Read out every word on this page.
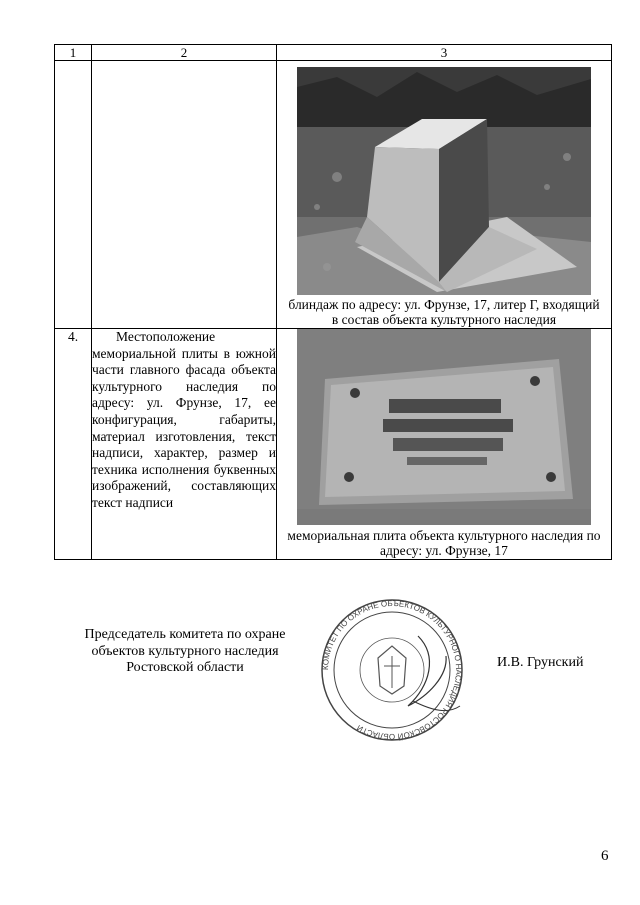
1	2	3

		блиндаж по адресу: ул. Фрунзе, 17, литер Г, входящий в состав объекта культурного наследия

4.	Местоположение мемориальной плиты в южной части главного фасада объекта культурного наследия по адресу: ул. Фрунзе, 17, ее конфигурация, габариты, материал изготовления, текст надписи, характер, размер и техника исполнения буквенных изображений, составляющих текст надписи	мемориальная плита объекта культурного наследия по адресу: ул. Фрунзе, 17
Председатель комитета по охране объектов культурного наследия Ростовской области	КОМИТЕТ ПО ОХРАНЕ ОБЪЕКТОВ КУЛЬТУРНОГО НАСЛЕДИЯ РОСТОВСКОЙ ОБЛАСТИ
И.В. Грунский
6
